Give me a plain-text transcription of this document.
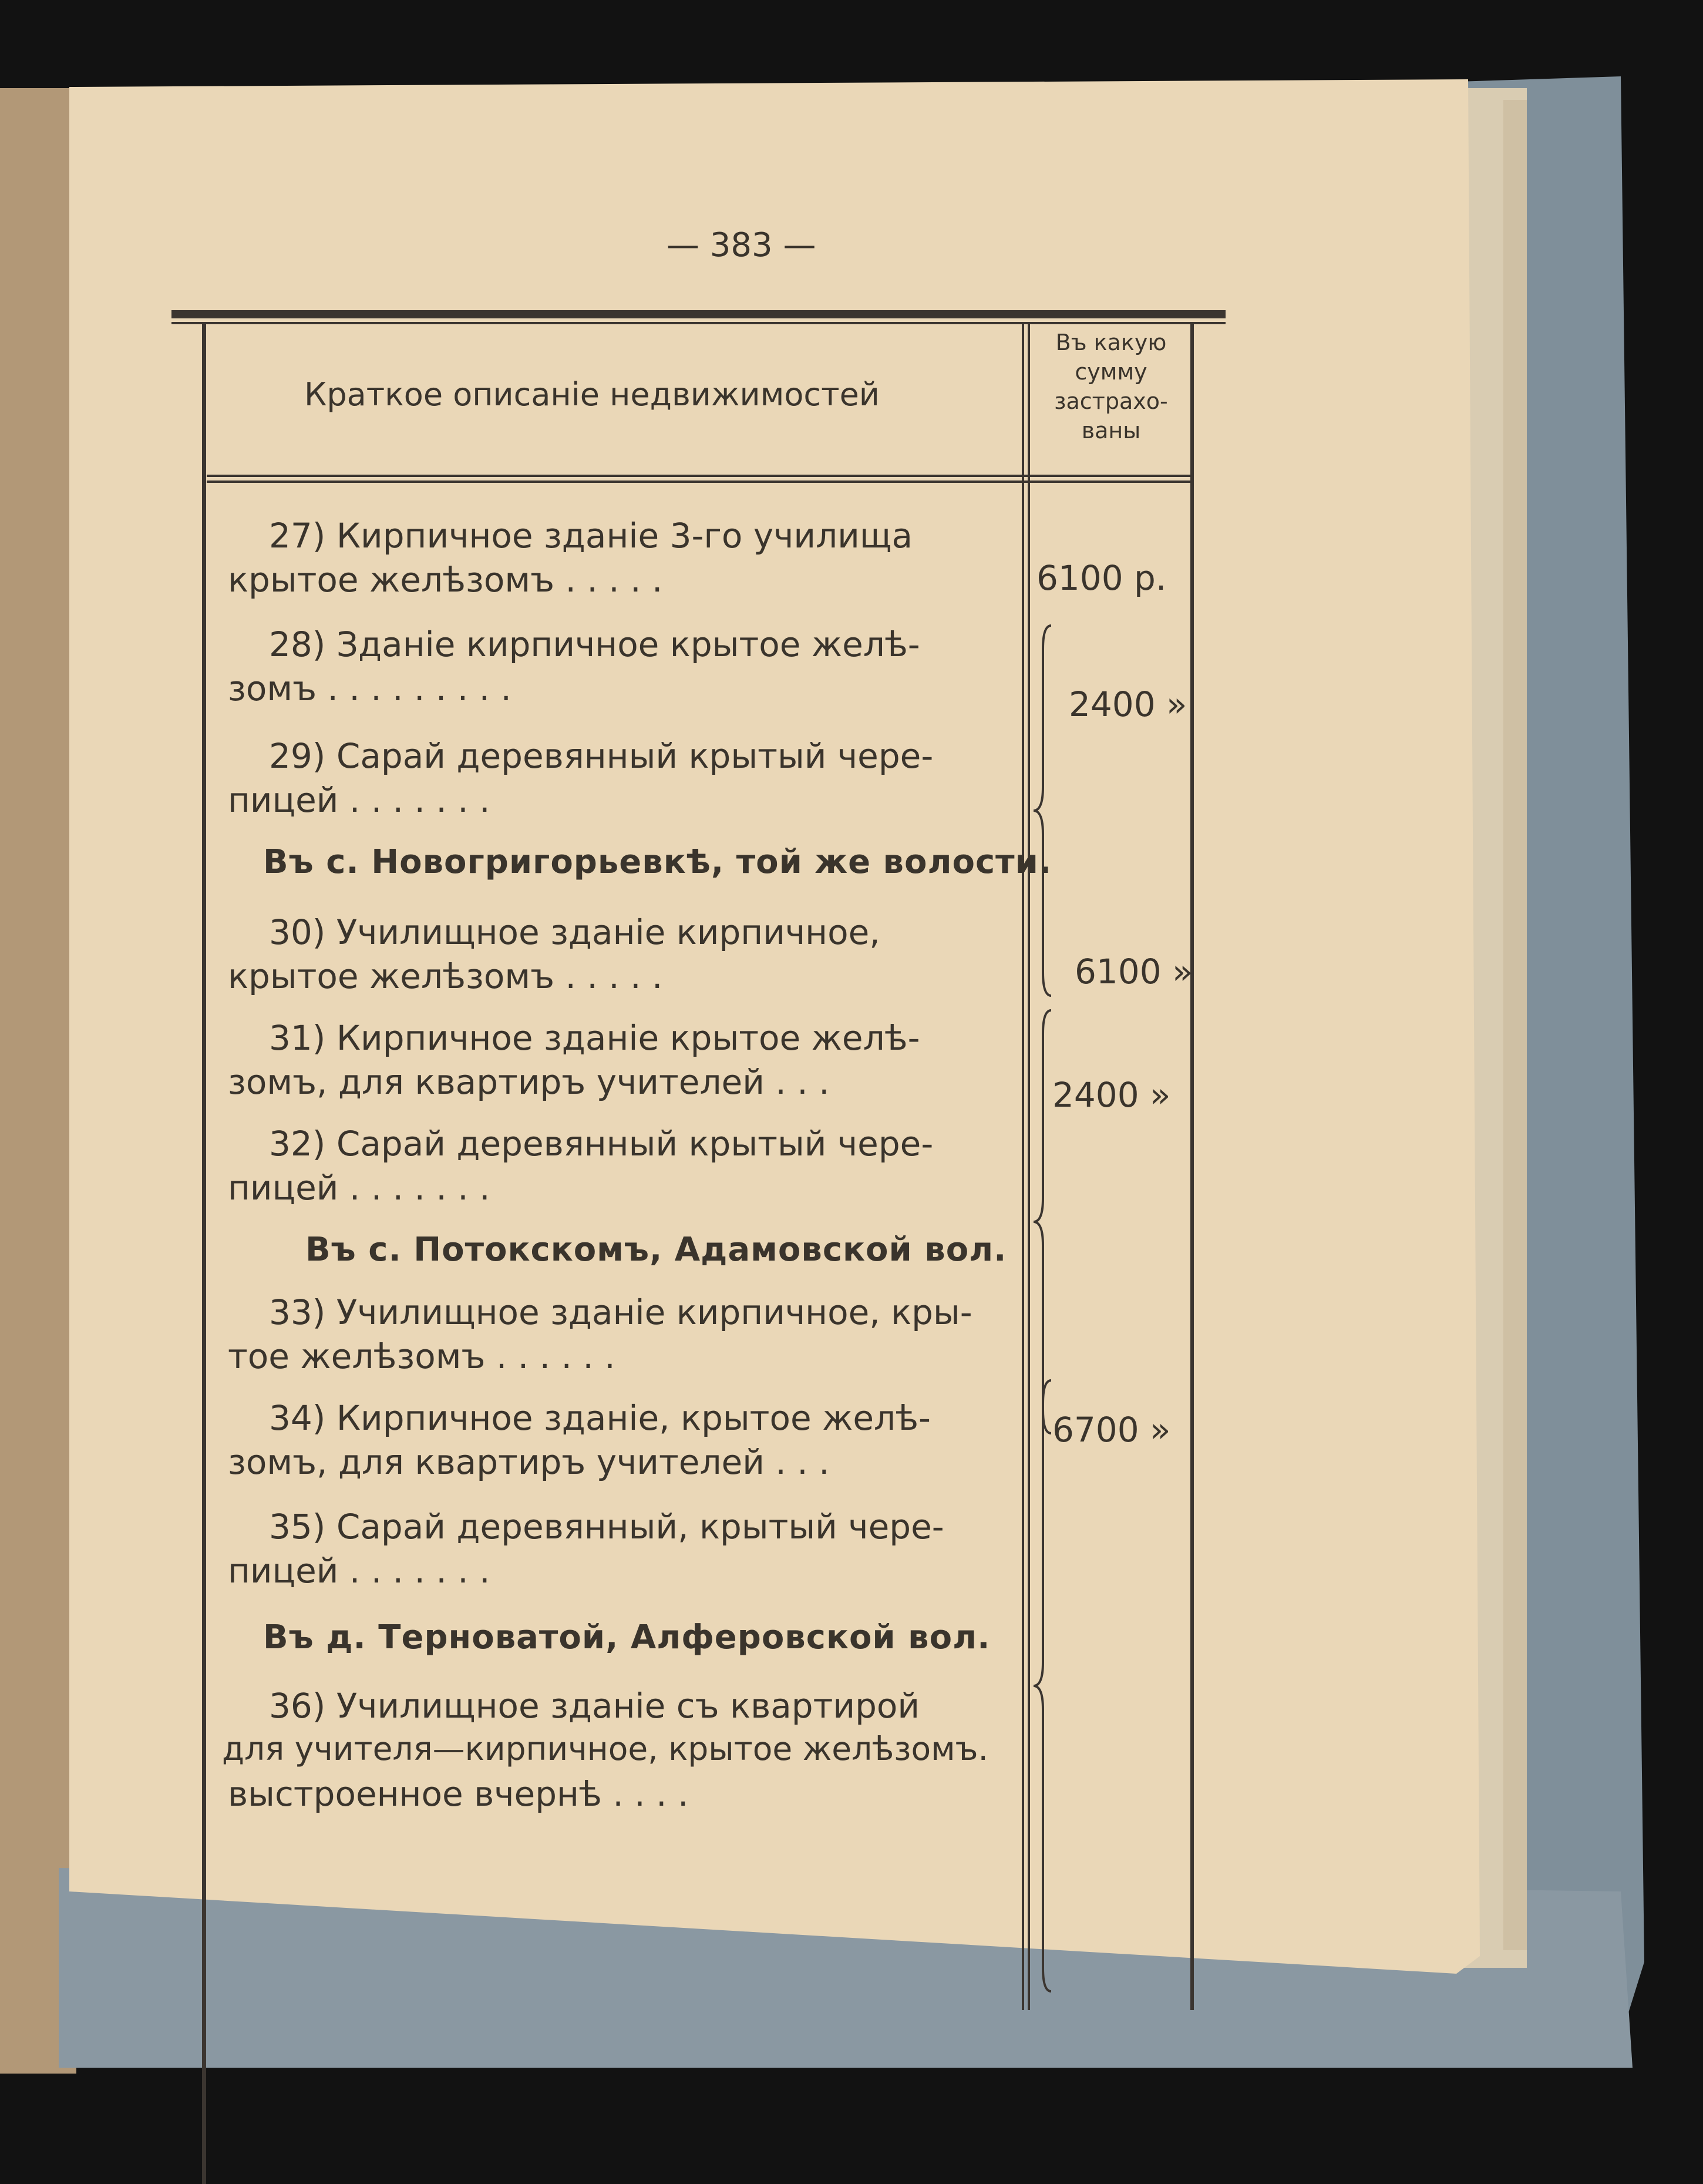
— 383 —
Краткое описаніе недвижимостей
Въ какую
сумму
застрахо-
ваны
27) Кирпичное зданіе 3-го училища
крытое желѣзомъ . . . . .
28) Зданіе кирпичное крытое желѣ-
зомъ . . . . . . . . .
29) Сарай деревянный крытый чере-
пицей . . . . . . .
Въ с. Новогригорьевкѣ, той же волости.
30) Училищное зданіе кирпичное,
крытое желѣзомъ . . . . .
31) Кирпичное зданіе крытое желѣ-
зомъ, для квартиръ учителей . . .
32) Сарай деревянный крытый чере-
пицей . . . . . . .
Въ с. Потокскомъ, Адамовской вол.
33) Училищное зданіе кирпичное, кры-
тое желѣзомъ . . . . . .
34) Кирпичное зданіе, крытое желѣ-
зомъ, для квартиръ учителей . . .
35) Сарай деревянный, крытый чере-
пицей . . . . . . .
Въ д. Терноватой, Алферовской вол.
36) Училищное зданіе съ квартирой
для учителя—кирпичное, крытое желѣзомъ.
выстроенное вчернѣ . . . .
6100 р.
2400 »
6100 »
2400 »
6700 »
